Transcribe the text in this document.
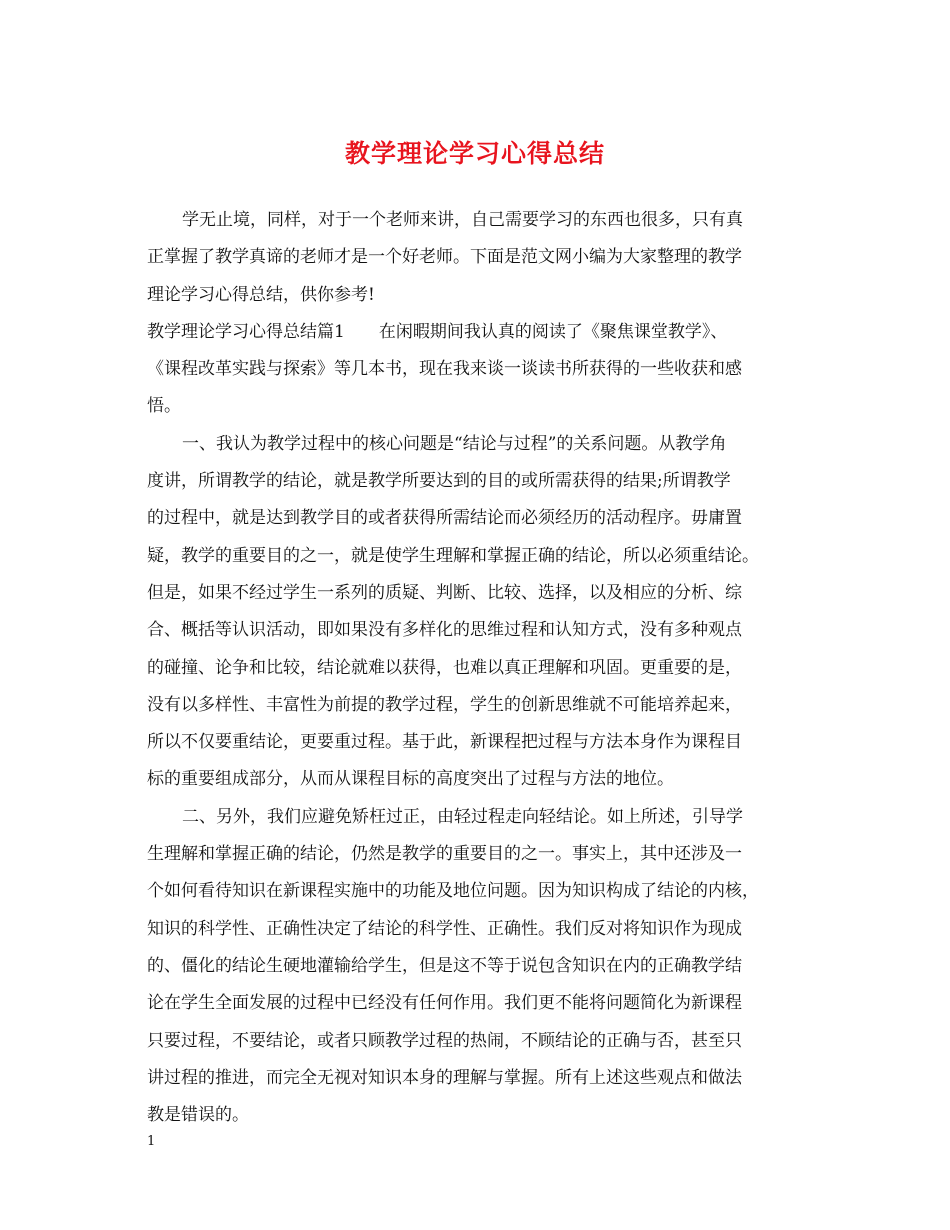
教学理论学习心得总结
学无止境，同样，对于一个老师来讲，自己需要学习的东西也很多，只有真
正掌握了教学真谛的老师才是一个好老师。下面是范文网小编为大家整理的教学
理论学习心得总结，供你参考!
教学理论学习心得总结篇1　　在闲暇期间我认真的阅读了《聚焦课堂教学》、
《课程改革实践与探索》等几本书，现在我来谈一谈读书所获得的一些收获和感
悟。
一、我认为教学过程中的核心问题是“结论与过程”的关系问题。从教学角
度讲，所谓教学的结论，就是教学所要达到的目的或所需获得的结果;所谓教学
的过程中，就是达到教学目的或者获得所需结论而必须经历的活动程序。毋庸置
疑，教学的重要目的之一，就是使学生理解和掌握正确的结论，所以必须重结论。
但是，如果不经过学生一系列的质疑、判断、比较、选择，以及相应的分析、综
合、概括等认识活动，即如果没有多样化的思维过程和认知方式，没有多种观点
的碰撞、论争和比较，结论就难以获得，也难以真正理解和巩固。更重要的是，
没有以多样性、丰富性为前提的教学过程，学生的创新思维就不可能培养起来，
所以不仅要重结论，更要重过程。基于此，新课程把过程与方法本身作为课程目
标的重要组成部分，从而从课程目标的高度突出了过程与方法的地位。
二、另外，我们应避免矫枉过正，由轻过程走向轻结论。如上所述，引导学
生理解和掌握正确的结论，仍然是教学的重要目的之一。事实上，其中还涉及一
个如何看待知识在新课程实施中的功能及地位问题。因为知识构成了结论的内核，
知识的科学性、正确性决定了结论的科学性、正确性。我们反对将知识作为现成
的、僵化的结论生硬地灌输给学生，但是这不等于说包含知识在内的正确教学结
论在学生全面发展的过程中已经没有任何作用。我们更不能将问题简化为新课程
只要过程，不要结论，或者只顾教学过程的热闹，不顾结论的正确与否，甚至只
讲过程的推进，而完全无视对知识本身的理解与掌握。所有上述这些观点和做法
教是错误的。
1
